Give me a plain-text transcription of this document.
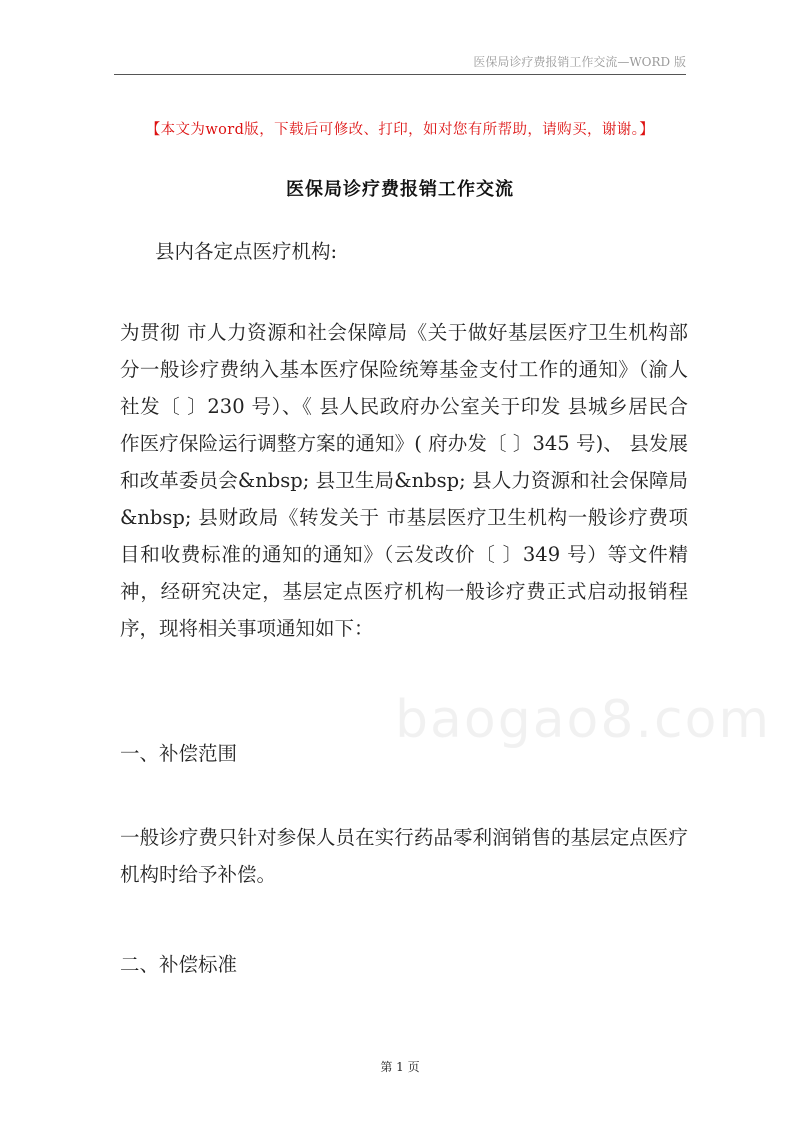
医保局诊疗费报销工作交流—WORD 版
【本文为word版，下载后可修改、打印，如对您有所帮助，请购买，谢谢。】
医保局诊疗费报销工作交流
县内各定点医疗机构:
为贯彻 市人力资源和社会保障局《关于做好基层医疗卫生机构部分一般诊疗费纳入基本医疗保险统筹基金支付工作的通知》（渝人社发〔 〕230 号）、《 县人民政府办公室关于印发 县城乡居民合作医疗保险运行调整方案的通知》( 府办发〔 〕345 号)、 县发展和改革委员会&nbsp; 县卫生局&nbsp; 县人力资源和社会保障局&nbsp; 县财政局《转发关于 市基层医疗卫生机构一般诊疗费项目和收费标准的通知的通知》（云发改价〔 〕349 号）等文件精神，经研究决定，基层定点医疗机构一般诊疗费正式启动报销程序，现将相关事项通知如下：
baogao8.com
一、补偿范围
一般诊疗费只针对参保人员在实行药品零利润销售的基层定点医疗机构时给予补偿。
二、补偿标准
第 1 页
